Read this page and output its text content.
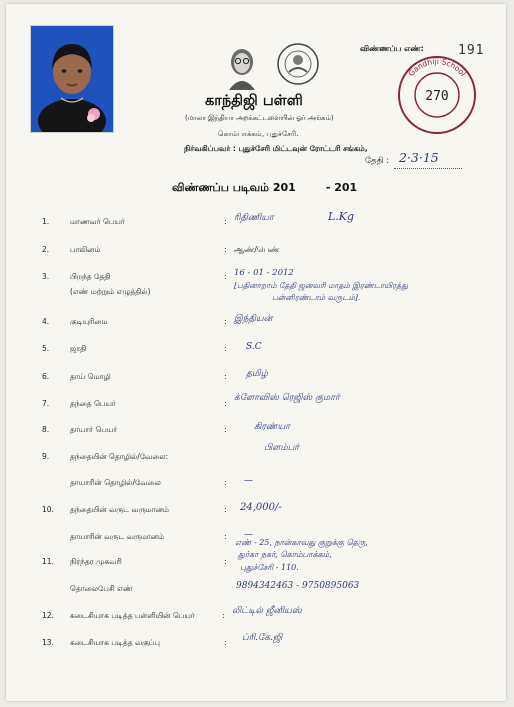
காந்திஜி பள்ளி
(மாலா இந்தியா அறக்கட்டளையின் ஓர் அங்கம்)
கொம்பாக்கம், புதுச்சேரி.
நிர்வகிப்பவர் : புதுச்சேரி மிட்டவுன் ரோட்டரி சங்கம்,
விண்ணப்ப எண்:	191
Gandhiji School
270
தேதி : 2·3·15
விண்ணப்ப படிவம் 201	- 201
1.	மாணவர் பெயர்	: ரிதிணியா	L.Kg
2.	பாலினம்	: ஆண்/பெண்
3.	பிறந்த தேதி
(எண் மற்றும் எழுத்தில்)
: 16 - 01 - 2012
[பதினாறாம் தேதி ஜனவரி மாதம் இரண்டாயிரத்து
பன்னிரண்டாம் வருடம்].
4.	குடியுரிமை	: இந்தியன்
5.	ஜாதி	: S.C
6.	தாய் மொழி	: தமிழ்
7.	தந்தை பெயர்	:
க்ளோவிஸ் ரெஜிஸ் குமார்
8.	தாயார் பெயர்	:	கிரண்யா
9.	தந்தையின் தொழில்/வேலை:
பிளம்பர்
தாயாரின் தொழில்/வேலை	: —
10. தந்தையின் வருட வருமானம்	: 24,000/-
தாயாரின் வருட வருமானம்	: —
11. நிரந்தர முகவரி	:
எண் - 25, நான்காவது குறுக்கு தெரு,
துர்கா நகர், கொம்பாக்கம்,
புதுச்சேரி - 110.
தொலைபேசி எண்	9894342463 - 9750895063
12. கடைசியாக படித்த பள்ளியின் பெயர்	: லிட்டில் ஜீனியஸ்
13. கடைசியாக படித்த வகுப்பு	: ப்ரி.கே.ஜி
